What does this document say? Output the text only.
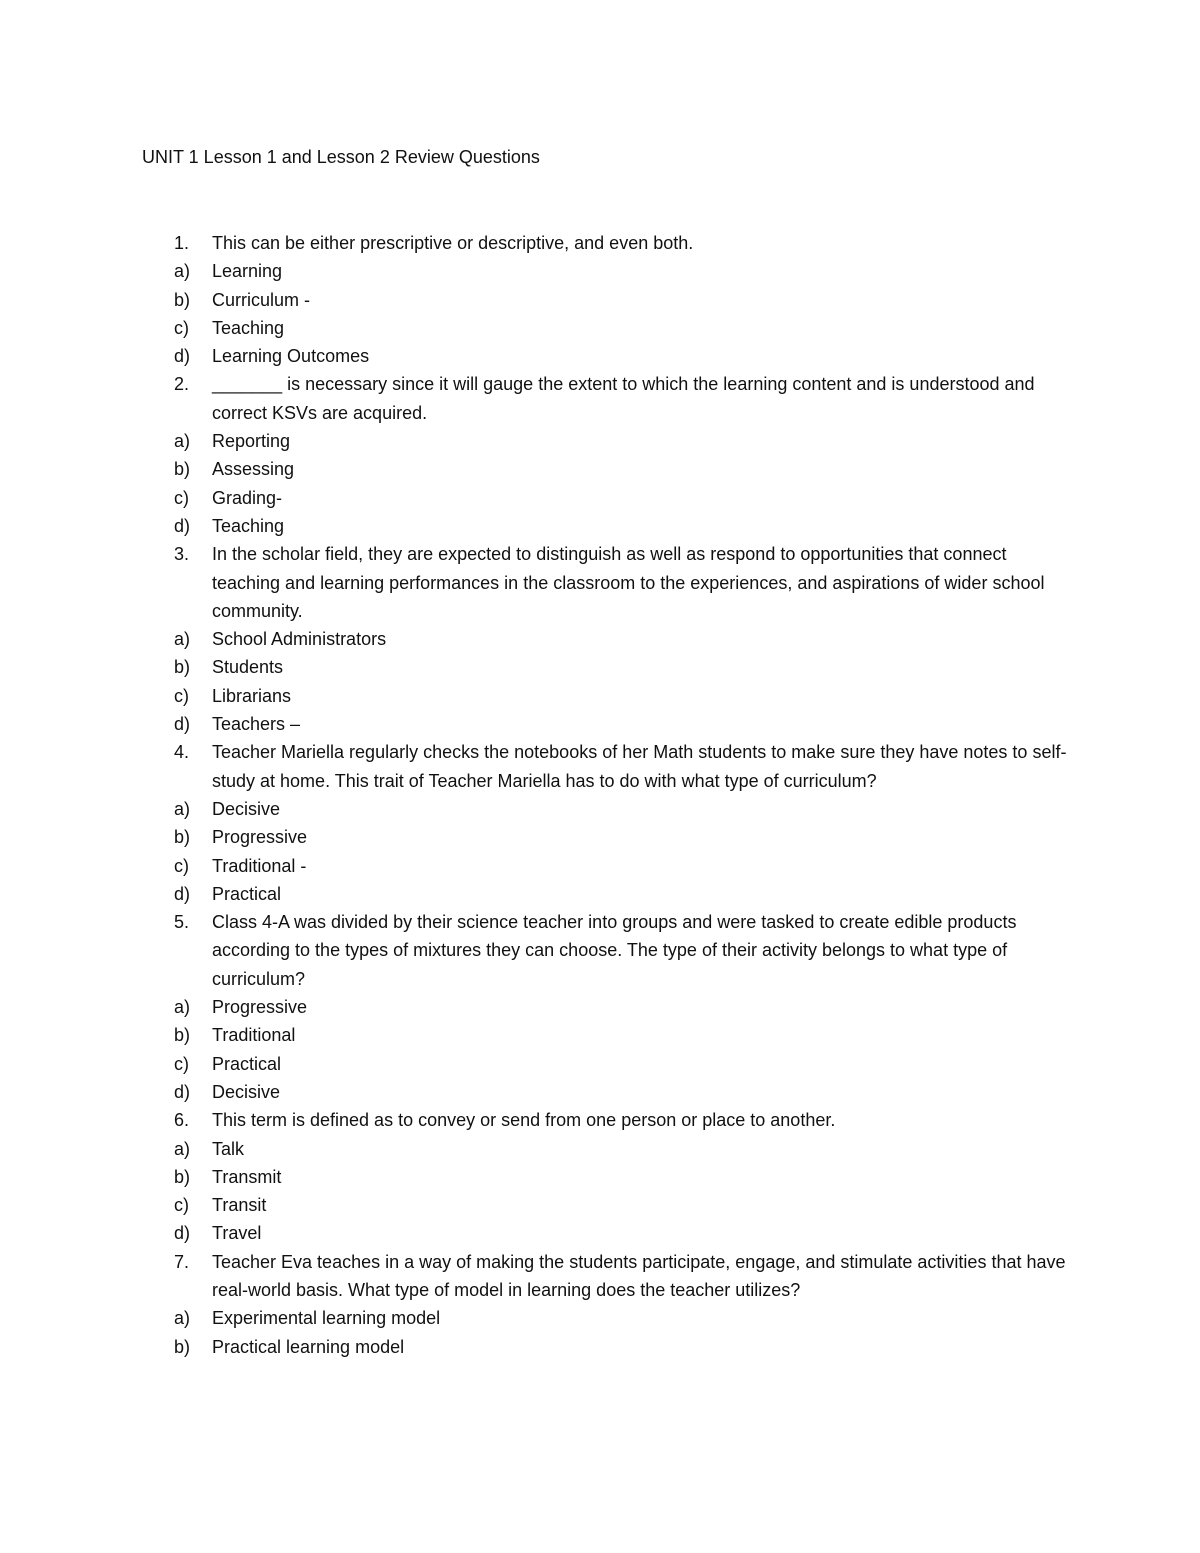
UNIT 1 Lesson 1 and Lesson 2 Review Questions
1.	This can be either prescriptive or descriptive, and even both.
a)	Learning
b)	Curriculum -
c)	Teaching
d)	Learning Outcomes
2.	_______ is necessary since it will gauge the extent to which the learning content and is understood and correct KSVs are acquired.
a)	Reporting
b)	Assessing
c)	Grading-
d)	Teaching
3.	In the scholar field, they are expected to distinguish as well as respond to opportunities that connect teaching and learning performances in the classroom to the experiences, and aspirations of wider school community.
a)	School Administrators
b)	Students
c)	Librarians
d)	Teachers –
4.	Teacher Mariella regularly checks the notebooks of her Math students to make sure they have notes to self-study at home. This trait of Teacher Mariella has to do with what type of curriculum?
a)	Decisive
b)	Progressive
c)	Traditional -
d)	Practical
5.	Class 4-A was divided by their science teacher into groups and were tasked to create edible products according to the types of mixtures they can choose. The type of their activity belongs to what type of curriculum?
a)	Progressive
b)	Traditional
c)	Practical
d)	Decisive
6.	This term is defined as to convey or send from one person or place to another.
a)	Talk
b)	Transmit
c)	Transit
d)	Travel
7.	Teacher Eva teaches in a way of making the students participate, engage, and stimulate activities that have real-world basis. What type of model in learning does the teacher utilizes?
a)	Experimental learning model
b)	Practical learning model
